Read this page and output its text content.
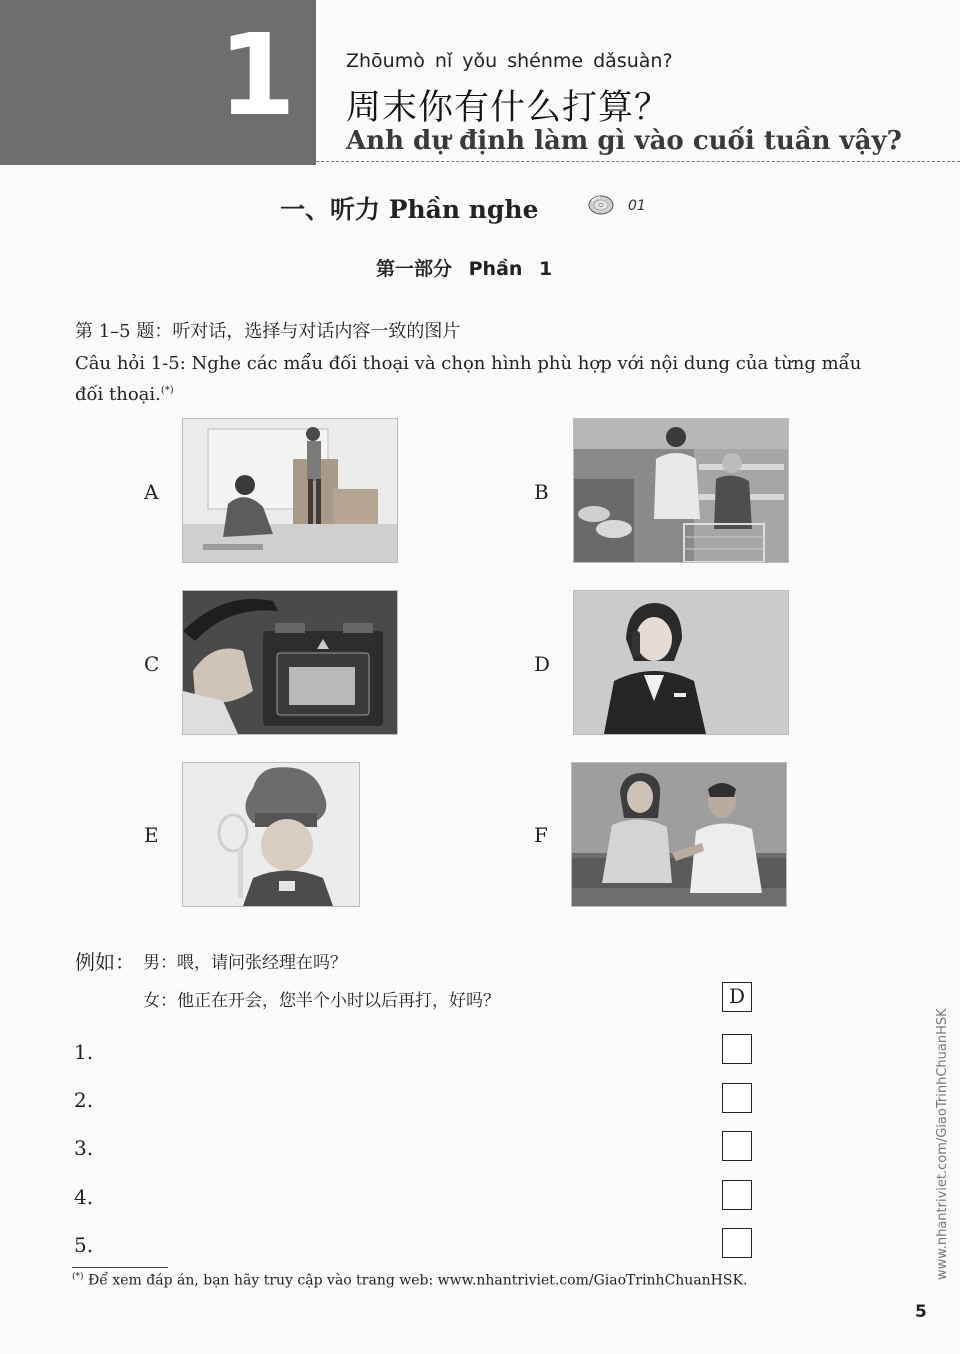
1	Zhōumò nǐ yǒu shénme dǎsuàn?
周末你有什么打算？
Anh dự định làm gì vào cuối tuần vậy?
一、听力 Phần nghe	01
第一部分 Phần 1
第 1–5 题：听对话，选择与对话内容一致的图片
Câu hỏi 1-5: Nghe các mẩu đối thoại và chọn hình phù hợp với nội dung của từng mẩu đối thoại.(*)
A	B
C	D
E	F
例如： 男：喂，请问张经理在吗？
女：他正在开会，您半个小时以后再打，好吗？	D
1.
2.
3.
4.
5.
(*) Để xem đáp án, bạn hãy truy cập vào trang web: www.nhantriviet.com/GiaoTrinhChuanHSK.
www.nhantriviet.com/GiaoTrinhChuanHSK
5
